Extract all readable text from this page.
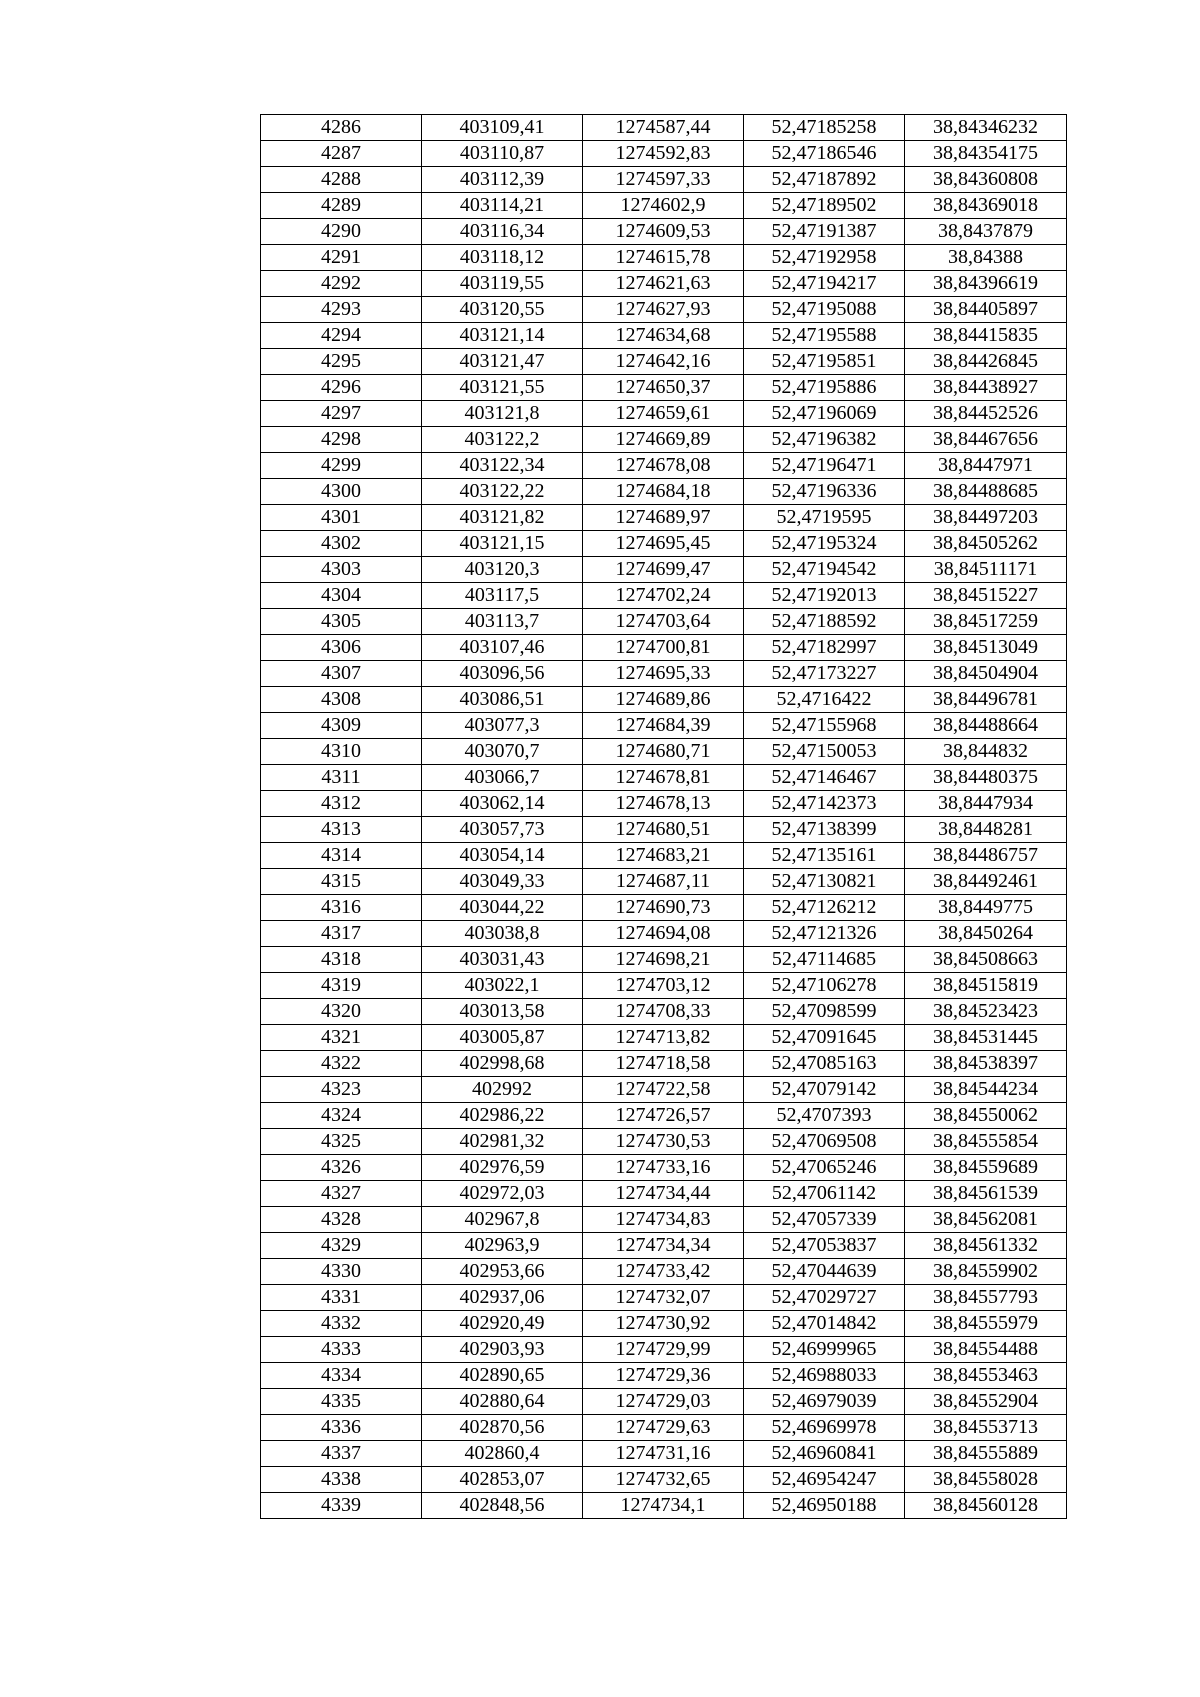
4286	403109,41	1274587,44	52,47185258	38,84346232
4287	403110,87	1274592,83	52,47186546	38,84354175
4288	403112,39	1274597,33	52,47187892	38,84360808
4289	403114,21	1274602,9	52,47189502	38,84369018
4290	403116,34	1274609,53	52,47191387	38,8437879
4291	403118,12	1274615,78	52,47192958	38,84388
4292	403119,55	1274621,63	52,47194217	38,84396619
4293	403120,55	1274627,93	52,47195088	38,84405897
4294	403121,14	1274634,68	52,47195588	38,84415835
4295	403121,47	1274642,16	52,47195851	38,84426845
4296	403121,55	1274650,37	52,47195886	38,84438927
4297	403121,8	1274659,61	52,47196069	38,84452526
4298	403122,2	1274669,89	52,47196382	38,84467656
4299	403122,34	1274678,08	52,47196471	38,8447971
4300	403122,22	1274684,18	52,47196336	38,84488685
4301	403121,82	1274689,97	52,4719595	38,84497203
4302	403121,15	1274695,45	52,47195324	38,84505262
4303	403120,3	1274699,47	52,47194542	38,84511171
4304	403117,5	1274702,24	52,47192013	38,84515227
4305	403113,7	1274703,64	52,47188592	38,84517259
4306	403107,46	1274700,81	52,47182997	38,84513049
4307	403096,56	1274695,33	52,47173227	38,84504904
4308	403086,51	1274689,86	52,4716422	38,84496781
4309	403077,3	1274684,39	52,47155968	38,84488664
4310	403070,7	1274680,71	52,47150053	38,844832
4311	403066,7	1274678,81	52,47146467	38,84480375
4312	403062,14	1274678,13	52,47142373	38,8447934
4313	403057,73	1274680,51	52,47138399	38,8448281
4314	403054,14	1274683,21	52,47135161	38,84486757
4315	403049,33	1274687,11	52,47130821	38,84492461
4316	403044,22	1274690,73	52,47126212	38,8449775
4317	403038,8	1274694,08	52,47121326	38,8450264
4318	403031,43	1274698,21	52,47114685	38,84508663
4319	403022,1	1274703,12	52,47106278	38,84515819
4320	403013,58	1274708,33	52,47098599	38,84523423
4321	403005,87	1274713,82	52,47091645	38,84531445
4322	402998,68	1274718,58	52,47085163	38,84538397
4323	402992	1274722,58	52,47079142	38,84544234
4324	402986,22	1274726,57	52,4707393	38,84550062
4325	402981,32	1274730,53	52,47069508	38,84555854
4326	402976,59	1274733,16	52,47065246	38,84559689
4327	402972,03	1274734,44	52,47061142	38,84561539
4328	402967,8	1274734,83	52,47057339	38,84562081
4329	402963,9	1274734,34	52,47053837	38,84561332
4330	402953,66	1274733,42	52,47044639	38,84559902
4331	402937,06	1274732,07	52,47029727	38,84557793
4332	402920,49	1274730,92	52,47014842	38,84555979
4333	402903,93	1274729,99	52,46999965	38,84554488
4334	402890,65	1274729,36	52,46988033	38,84553463
4335	402880,64	1274729,03	52,46979039	38,84552904
4336	402870,56	1274729,63	52,46969978	38,84553713
4337	402860,4	1274731,16	52,46960841	38,84555889
4338	402853,07	1274732,65	52,46954247	38,84558028
4339	402848,56	1274734,1	52,46950188	38,84560128
